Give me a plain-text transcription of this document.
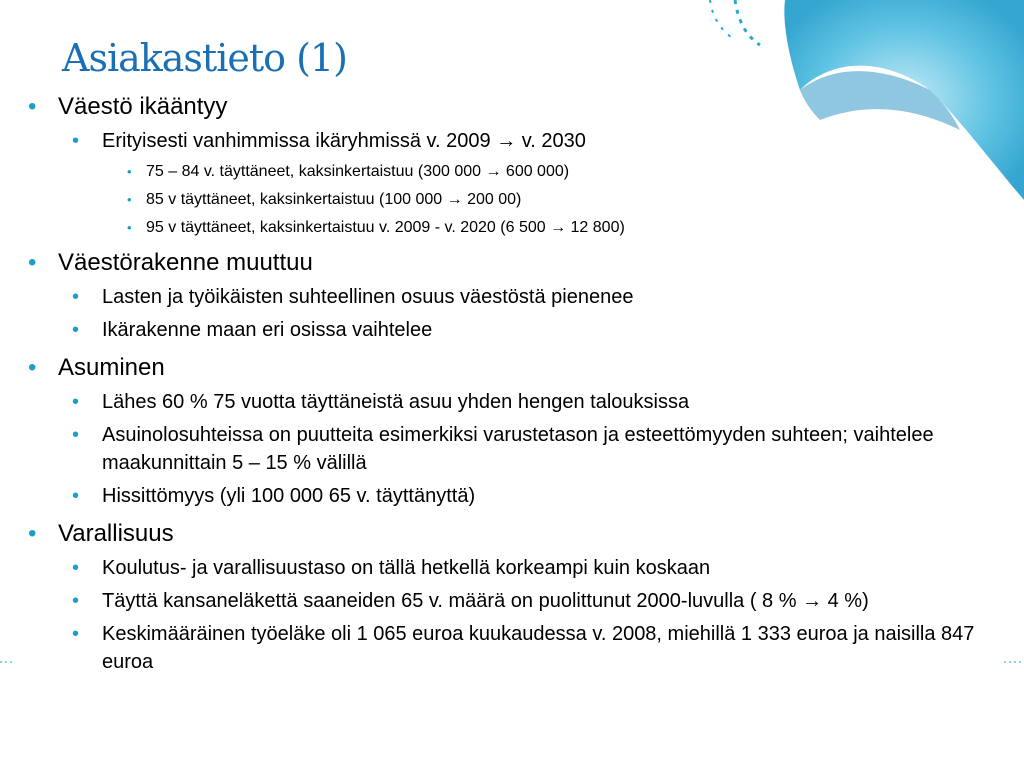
Asiakastieto (1)

• Väestö ikääntyy

• Erityisesti vanhimmissa ikäryhmissä v. 2009 → v. 2030

• 75 – 84 v. täyttäneet, kaksinkertaistuu (300 000 → 600 000)

• 85 v täyttäneet, kaksinkertaistuu (100 000 → 200 00)

• 95 v täyttäneet, kaksinkertaistuu v. 2009 - v. 2020 (6 500 → 12 800)

• Väestörakenne muuttuu

• Lasten ja työikäisten suhteellinen osuus väestöstä pienenee

• Ikärakenne maan eri osissa vaihtelee

• Asuminen

• Lähes 60 % 75 vuotta täyttäneistä asuu yhden hengen talouksissa

• Asuinolosuhteissa on puutteita esimerkiksi varustetason ja esteettömyyden suhteen; vaihtelee maakunnittain 5 – 15 % välillä

• Hissittömyys (yli 100 000 65 v. täyttänyttä)

• Varallisuus

• Koulutus- ja varallisuustaso on tällä hetkellä korkeampi kuin koskaan

• Täyttä kansaneläkettä saaneiden 65 v. määrä on puolittunut 2000-luvulla ( 8 % → 4 %)

• Keskimääräinen työeläke oli 1 065 euroa kuukaudessa v. 2008, miehillä 1 333 euroa ja naisilla 847 euroa
